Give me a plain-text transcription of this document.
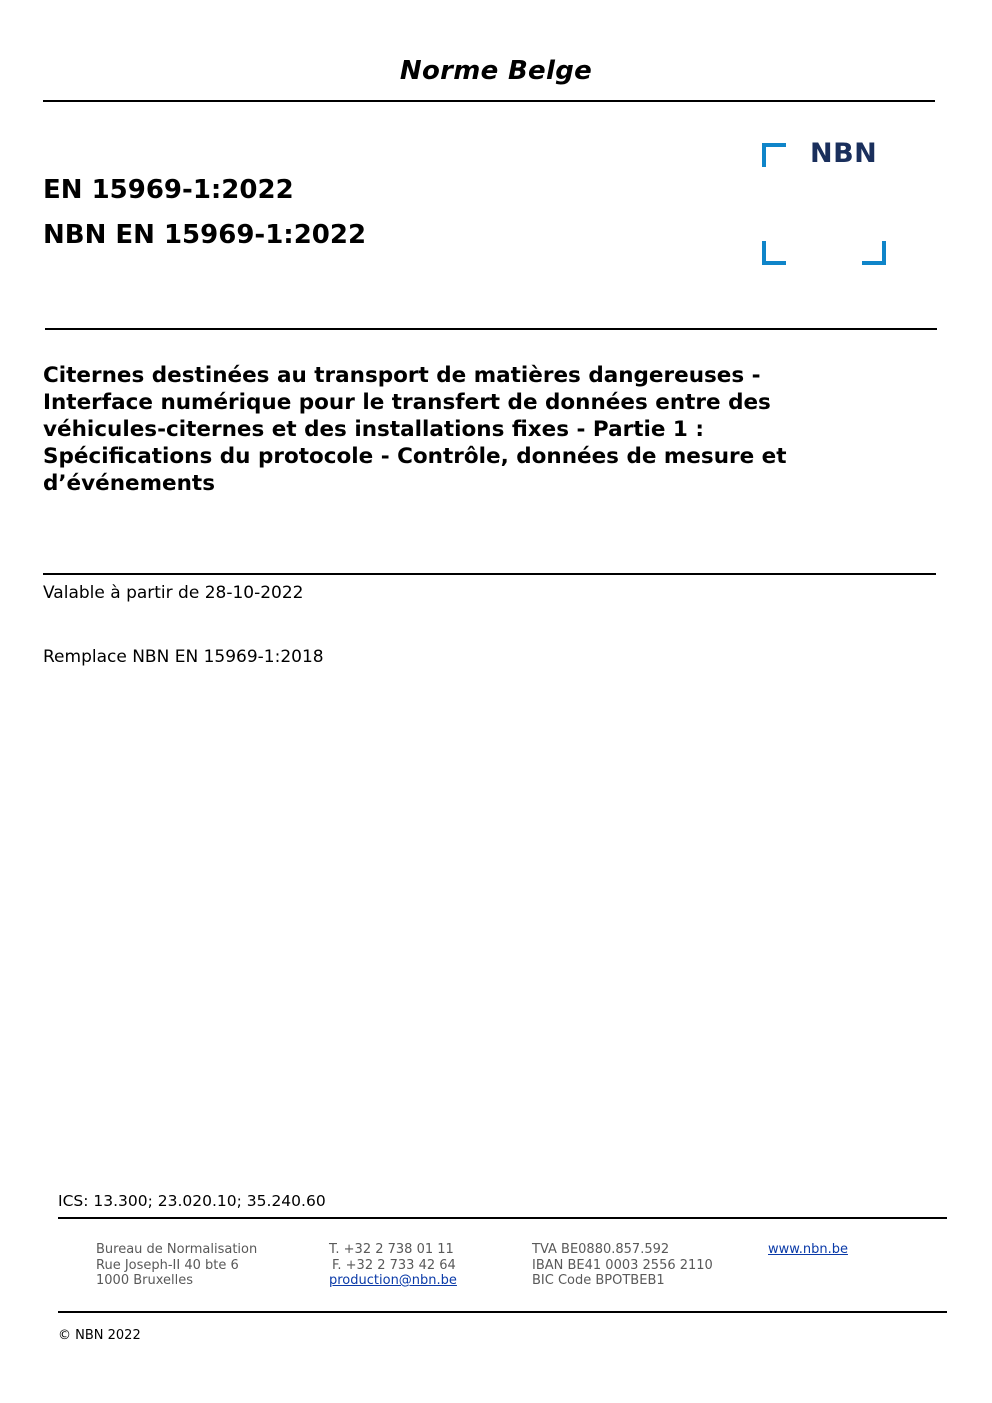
Norme Belge
EN 15969-1:2022
NBN EN 15969-1:2022
NBN
Citernes destinées au transport de matières dangereuses -
Interface numérique pour le transfert de données entre des
véhicules-citernes et des installations fixes - Partie 1 :
Spécifications du protocole - Contrôle, données de mesure et
d’événements
Valable à partir de 28-10-2022
Remplace NBN EN 15969-1:2018
ICS: 13.300; 23.020.10; 35.240.60
Bureau de Normalisation
Rue Joseph-II 40 bte 6
1000 Bruxelles
T. +32 2 738 01 11
F. +32 2 733 42 64
production@nbn.be
TVA BE0880.857.592
IBAN BE41 0003 2556 2110
BIC Code BPOTBEB1
www.nbn.be
© NBN 2022
